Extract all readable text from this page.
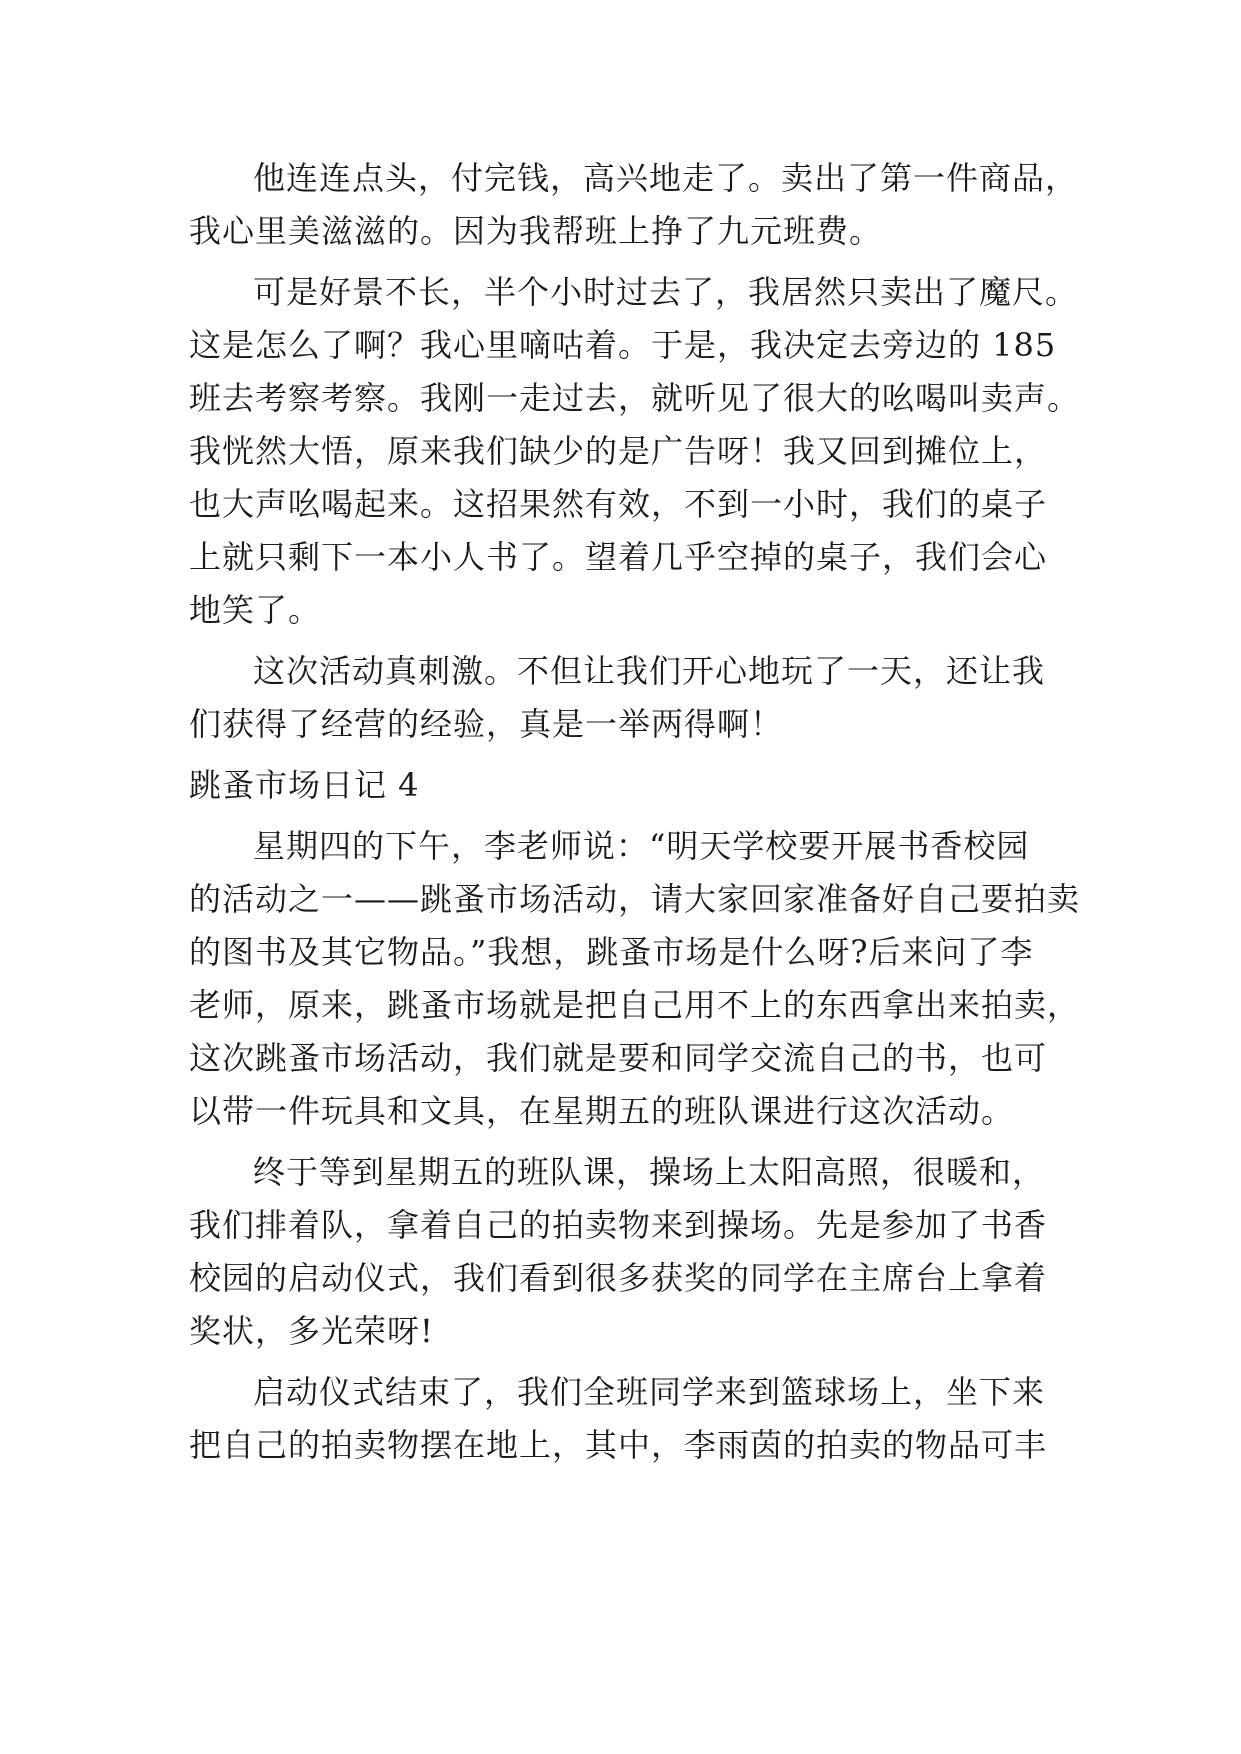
他连连点头，付完钱，高兴地走了。卖出了第一件商品，
我心里美滋滋的。因为我帮班上挣了九元班费。

可是好景不长，半个小时过去了，我居然只卖出了魔尺。
这是怎么了啊？我心里嘀咕着。于是，我决定去旁边的 185
班去考察考察。我刚一走过去，就听见了很大的吆喝叫卖声。
我恍然大悟，原来我们缺少的是广告呀！我又回到摊位上，
也大声吆喝起来。这招果然有效，不到一小时，我们的桌子
上就只剩下一本小人书了。望着几乎空掉的桌子，我们会心
地笑了。

这次活动真刺激。不但让我们开心地玩了一天，还让我
们获得了经营的经验，真是一举两得啊！

跳蚤市场日记 4

星期四的下午，李老师说：“明天学校要开展书香校园
的活动之一——跳蚤市场活动，请大家回家准备好自己要拍卖
的图书及其它物品。”我想，跳蚤市场是什么呀?后来问了李
老师，原来，跳蚤市场就是把自己用不上的东西拿出来拍卖，
这次跳蚤市场活动，我们就是要和同学交流自己的书，也可
以带一件玩具和文具，在星期五的班队课进行这次活动。

终于等到星期五的班队课，操场上太阳高照，很暖和，
我们排着队，拿着自己的拍卖物来到操场。先是参加了书香
校园的启动仪式，我们看到很多获奖的同学在主席台上拿着
奖状，多光荣呀!

启动仪式结束了，我们全班同学来到篮球场上，坐下来
把自己的拍卖物摆在地上，其中，李雨茵的拍卖的物品可丰
